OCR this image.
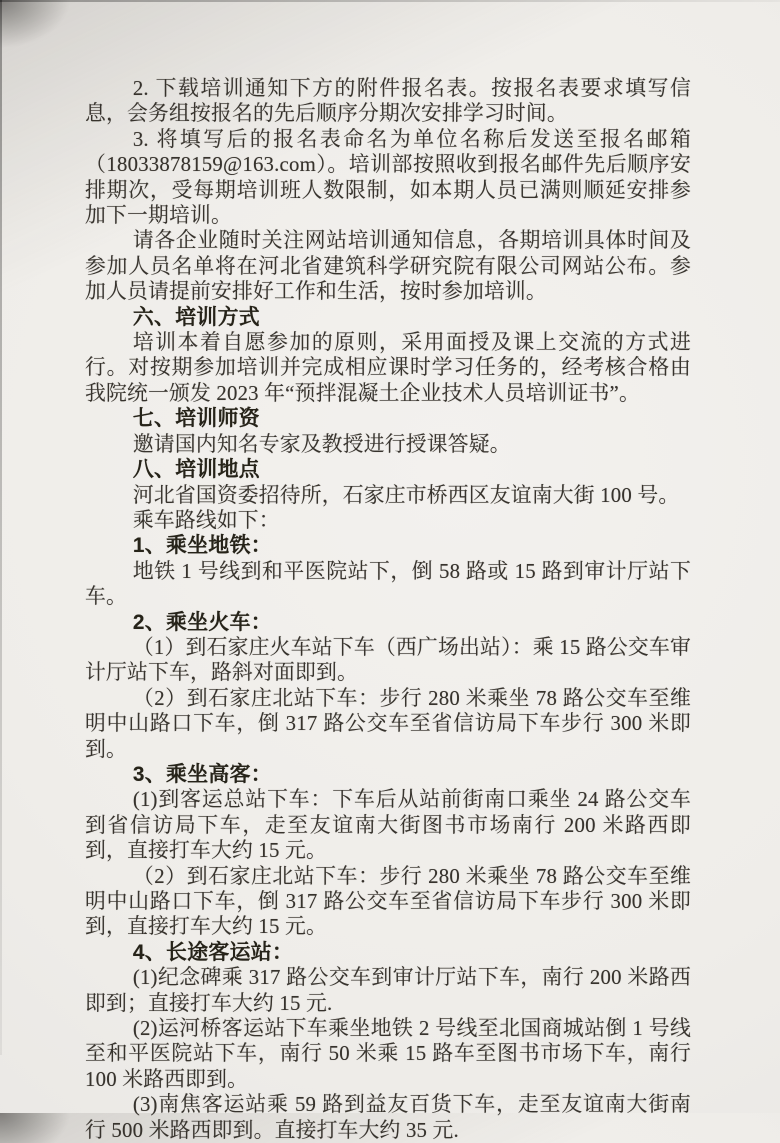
2. 下载培训通知下方的附件报名表。按报名表要求填写信息，会务组按报名的先后顺序分期次安排学习时间。

3. 将填写后的报名表命名为单位名称后发送至报名邮箱（18033878159@163.com）。培训部按照收到报名邮件先后顺序安排期次，受每期培训班人数限制，如本期人员已满则顺延安排参加下一期培训。

请各企业随时关注网站培训通知信息，各期培训具体时间及参加人员名单将在河北省建筑科学研究院有限公司网站公布。参加人员请提前安排好工作和生活，按时参加培训。

六、培训方式

培训本着自愿参加的原则，采用面授及课上交流的方式进行。对按期参加培训并完成相应课时学习任务的，经考核合格由我院统一颁发 2023 年“预拌混凝土企业技术人员培训证书”。

七、培训师资

邀请国内知名专家及教授进行授课答疑。

八、培训地点

河北省国资委招待所，石家庄市桥西区友谊南大街 100 号。

乘车路线如下：

1、乘坐地铁：

地铁 1 号线到和平医院站下，倒 58 路或 15 路到审计厅站下车。

2、乘坐火车：

（1）到石家庄火车站下车（西广场出站）：乘 15 路公交车审计厅站下车，路斜对面即到。

（2）到石家庄北站下车：步行 280 米乘坐 78 路公交车至维明中山路口下车，倒 317 路公交车至省信访局下车步行 300 米即到。

3、乘坐高客：

(1)到客运总站下车：下车后从站前街南口乘坐 24 路公交车到省信访局下车，走至友谊南大街图书市场南行 200 米路西即到，直接打车大约 15 元。

（2）到石家庄北站下车：步行 280 米乘坐 78 路公交车至维明中山路口下车，倒 317 路公交车至省信访局下车步行 300 米即到，直接打车大约 15 元。

4、长途客运站：

(1)纪念碑乘 317 路公交车到审计厅站下车，南行 200 米路西即到；直接打车大约 15 元.

(2)运河桥客运站下车乘坐地铁 2 号线至北国商城站倒 1 号线至和平医院站下车，南行 50 米乘 15 路车至图书市场下车，南行 100 米路西即到。

(3)南焦客运站乘 59 路到益友百货下车，走至友谊南大街南行 500 米路西即到。直接打车大约 35 元.
